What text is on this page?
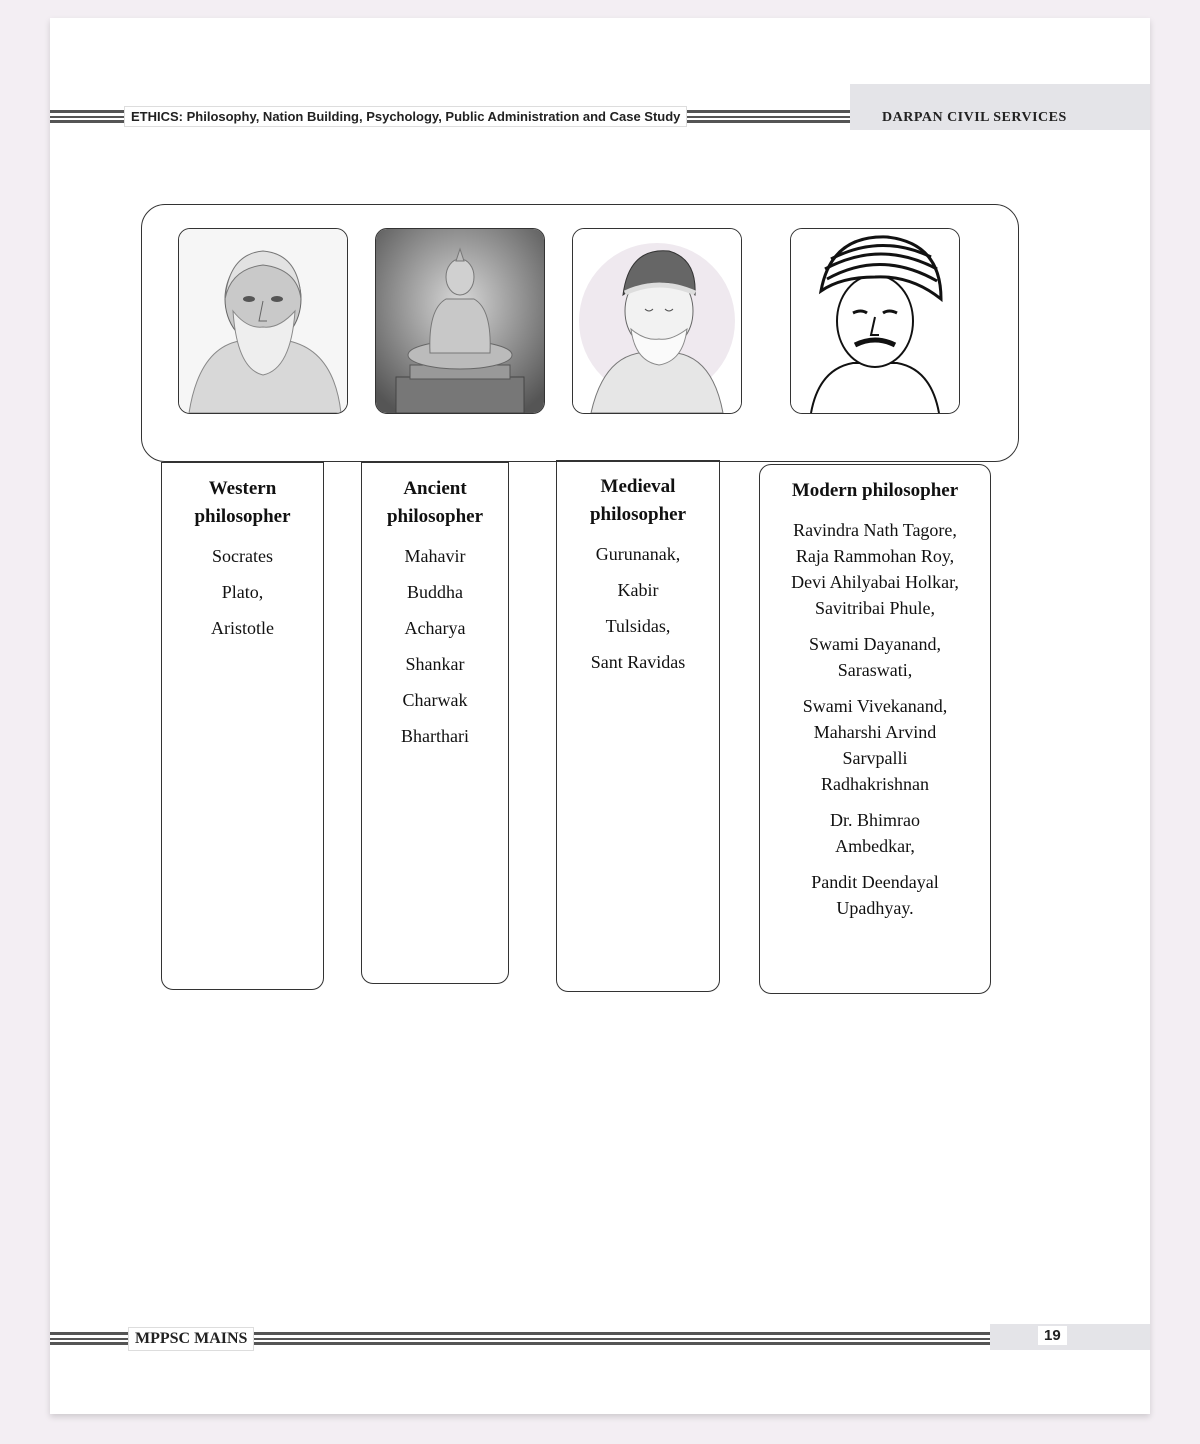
ETHICS: Philosophy, Nation Building, Psychology, Public Administration and Case Study	DARPAN CIVIL SERVICES
Western
philosopher
Socrates
Plato,
Aristotle
Ancient
philosopher
Mahavir
Buddha
Acharya
Shankar
Charwak
Bharthari
Medieval
philosopher
Gurunanak,
Kabir
Tulsidas,
Sant Ravidas
Modern philosopher
Ravindra Nath Tagore,
Raja Rammohan Roy,
Devi Ahilyabai Holkar,
Savitribai Phule,
Swami Dayanand,
Saraswati,
Swami Vivekanand,
Maharshi Arvind
Sarvpalli
Radhakrishnan
Dr. Bhimrao
Ambedkar,
Pandit Deendayal
Upadhyay.
MPPSC MAINS	19
